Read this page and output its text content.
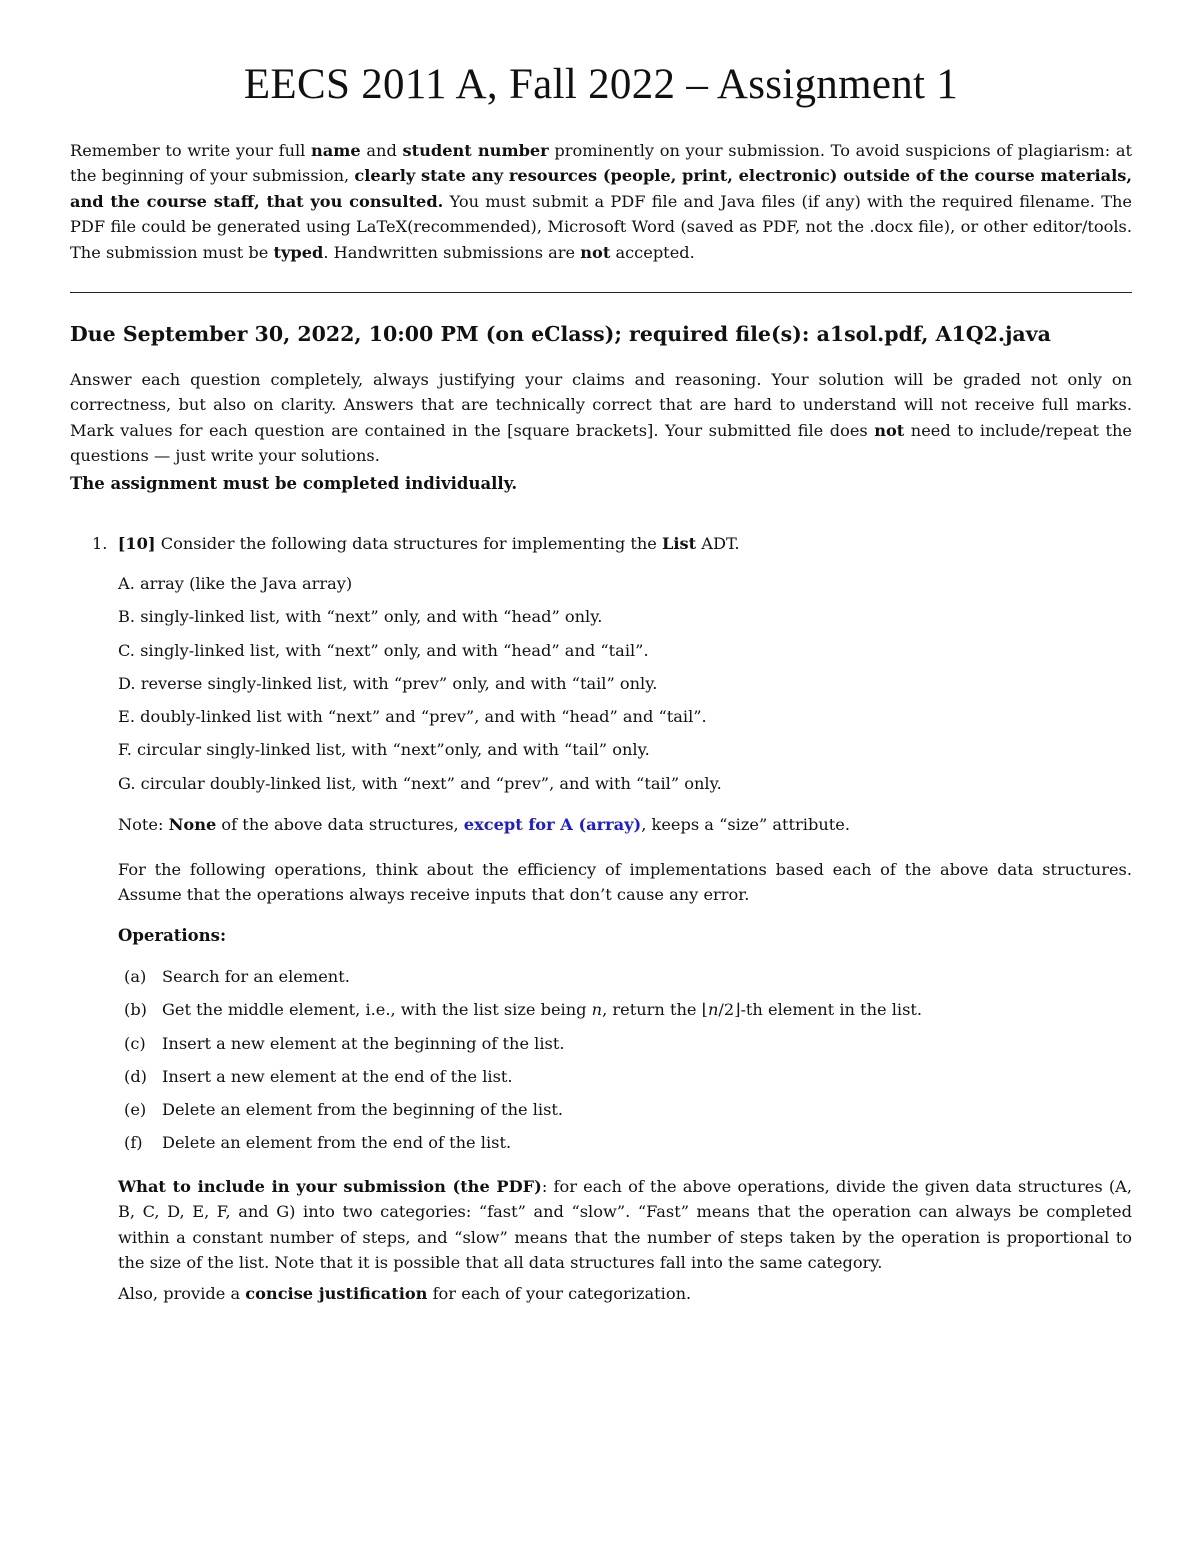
EECS 2011 A, Fall 2022 – Assignment 1
Remember to write your full name and student number prominently on your submission. To avoid suspicions of plagiarism: at the beginning of your submission, clearly state any resources (people, print, electronic) outside of the course materials, and the course staff, that you consulted. You must submit a PDF file and Java files (if any) with the required filename. The PDF file could be generated using LaTeX(recommended), Microsoft Word (saved as PDF, not the .docx file), or other editor/tools. The submission must be typed. Handwritten submissions are not accepted.
Due September 30, 2022, 10:00 PM (on eClass); required file(s): a1sol.pdf, A1Q2.java
Answer each question completely, always justifying your claims and reasoning. Your solution will be graded not only on correctness, but also on clarity. Answers that are technically correct that are hard to understand will not receive full marks. Mark values for each question are contained in the [square brackets]. Your submitted file does not need to include/repeat the questions — just write your solutions.
The assignment must be completed individually.
1. [10] Consider the following data structures for implementing the List ADT.
A. array (like the Java array)
B. singly-linked list, with “next” only, and with “head” only.
C. singly-linked list, with “next” only, and with “head” and “tail”.
D. reverse singly-linked list, with “prev” only, and with “tail” only.
E. doubly-linked list with “next” and “prev”, and with “head” and “tail”.
F. circular singly-linked list, with “next”only, and with “tail” only.
G. circular doubly-linked list, with “next” and “prev”, and with “tail” only.
Note: None of the above data structures, except for A (array), keeps a “size” attribute.
For the following operations, think about the efficiency of implementations based each of the above data structures. Assume that the operations always receive inputs that don’t cause any error.
Operations:
(a) Search for an element.
(b) Get the middle element, i.e., with the list size being n, return the ⌊n/2⌋-th element in the list.
(c) Insert a new element at the beginning of the list.
(d) Insert a new element at the end of the list.
(e) Delete an element from the beginning of the list.
(f) Delete an element from the end of the list.
What to include in your submission (the PDF): for each of the above operations, divide the given data structures (A, B, C, D, E, F, and G) into two categories: “fast” and “slow”. “Fast” means that the operation can always be completed within a constant number of steps, and “slow” means that the number of steps taken by the operation is proportional to the size of the list. Note that it is possible that all data structures fall into the same category.
Also, provide a concise justification for each of your categorization.
